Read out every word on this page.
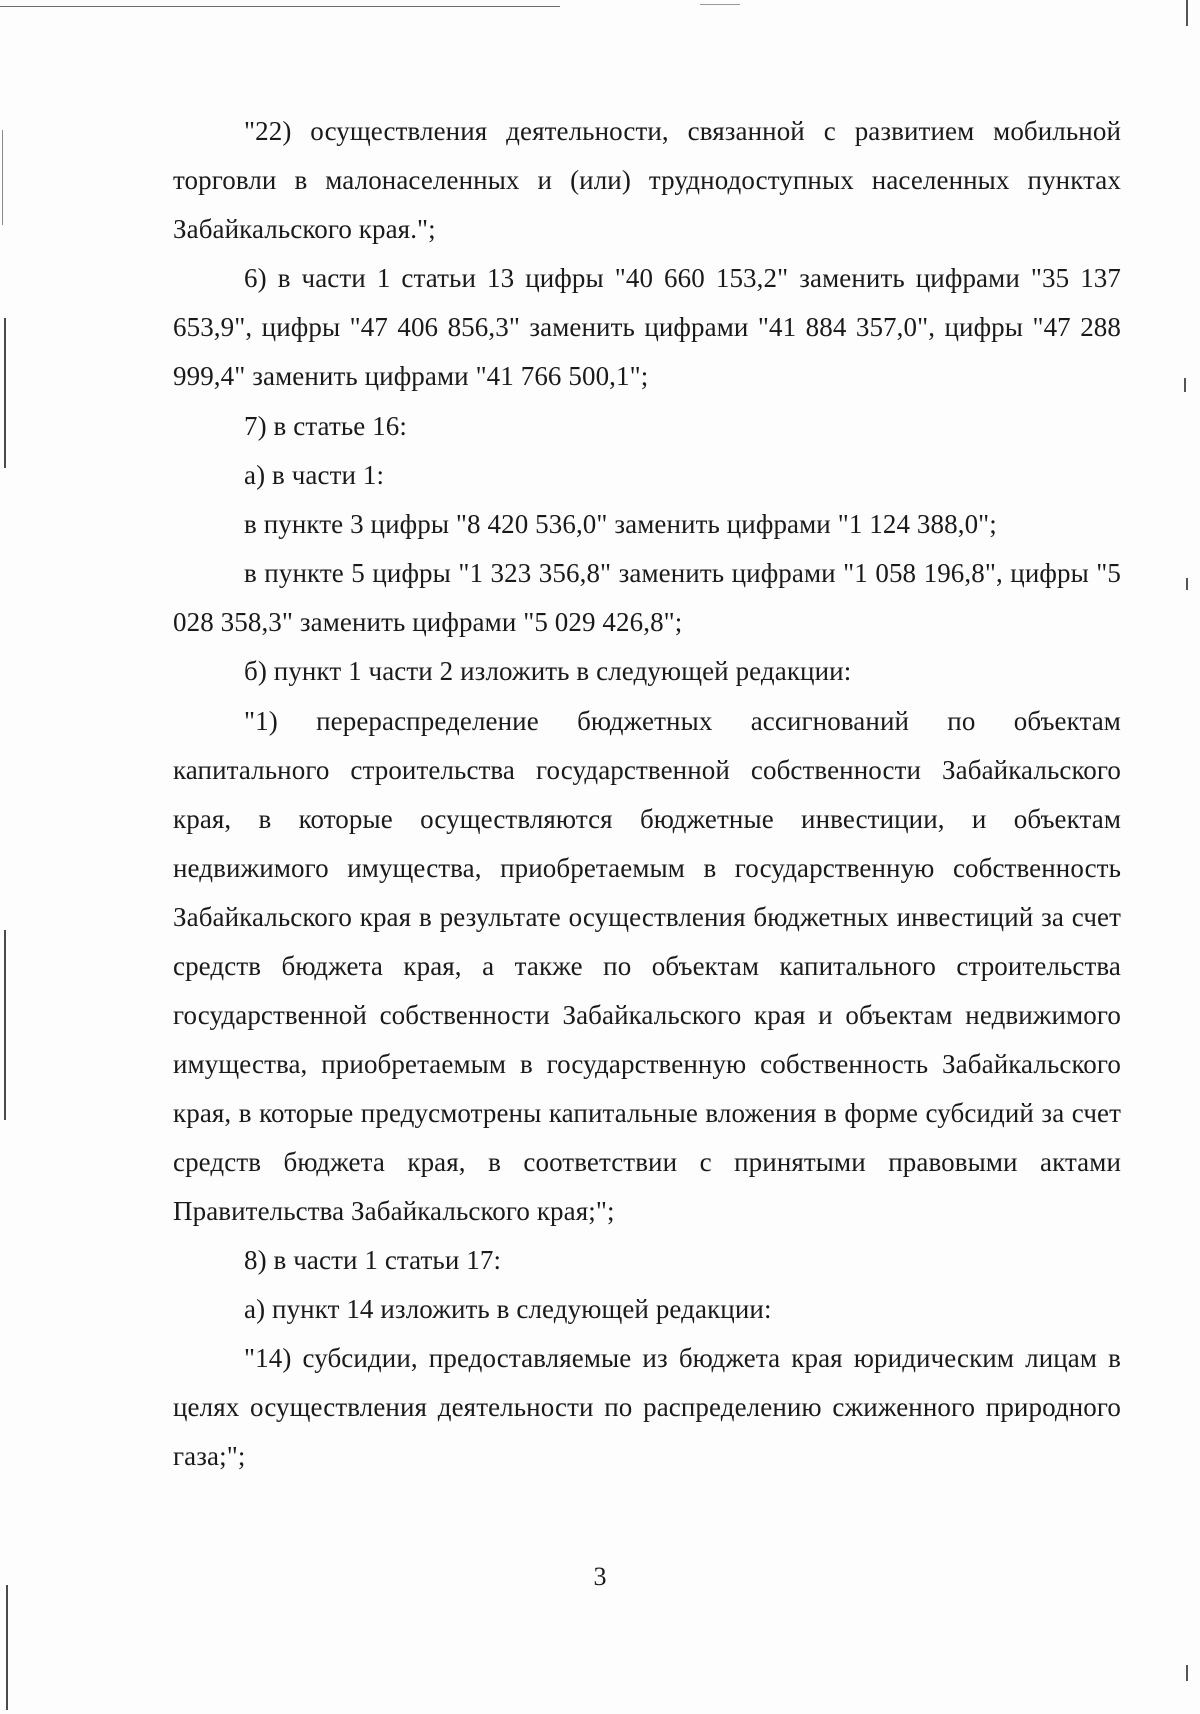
"22) осуществления деятельности, связанной с развитием мобильной торговли в малонаселенных и (или) труднодоступных населенных пунктах Забайкальского края.";

6) в части 1 статьи 13 цифры "40 660 153,2" заменить цифрами "35 137 653,9", цифры "47 406 856,3" заменить цифрами "41 884 357,0", цифры "47 288 999,4" заменить цифрами "41 766 500,1";

7) в статье 16:

а) в части 1:

в пункте 3 цифры "8 420 536,0" заменить цифрами "1 124 388,0";

в пункте 5 цифры "1 323 356,8" заменить цифрами "1 058 196,8", цифры "5 028 358,3" заменить цифрами "5 029 426,8";

б) пункт 1 части 2 изложить в следующей редакции:

"1) перераспределение бюджетных ассигнований по объектам капитального строительства государственной собственности Забайкальского края, в которые осуществляются бюджетные инвестиции, и объектам недвижимого имущества, приобретаемым в государственную собственность Забайкальского края в результате осуществления бюджетных инвестиций за счет средств бюджета края, а также по объектам капитального строительства государственной собственности Забайкальского края и объектам недвижимого имущества, приобретаемым в государственную собственность Забайкальского края, в которые предусмотрены капитальные вложения в форме субсидий за счет средств бюджета края, в соответствии с принятыми правовыми актами Правительства Забайкальского края;";

8) в части 1 статьи 17:

а) пункт 14 изложить в следующей редакции:

"14) субсидии, предоставляемые из бюджета края юридическим лицам в целях осуществления деятельности по распределению сжиженного природного газа;";

3
